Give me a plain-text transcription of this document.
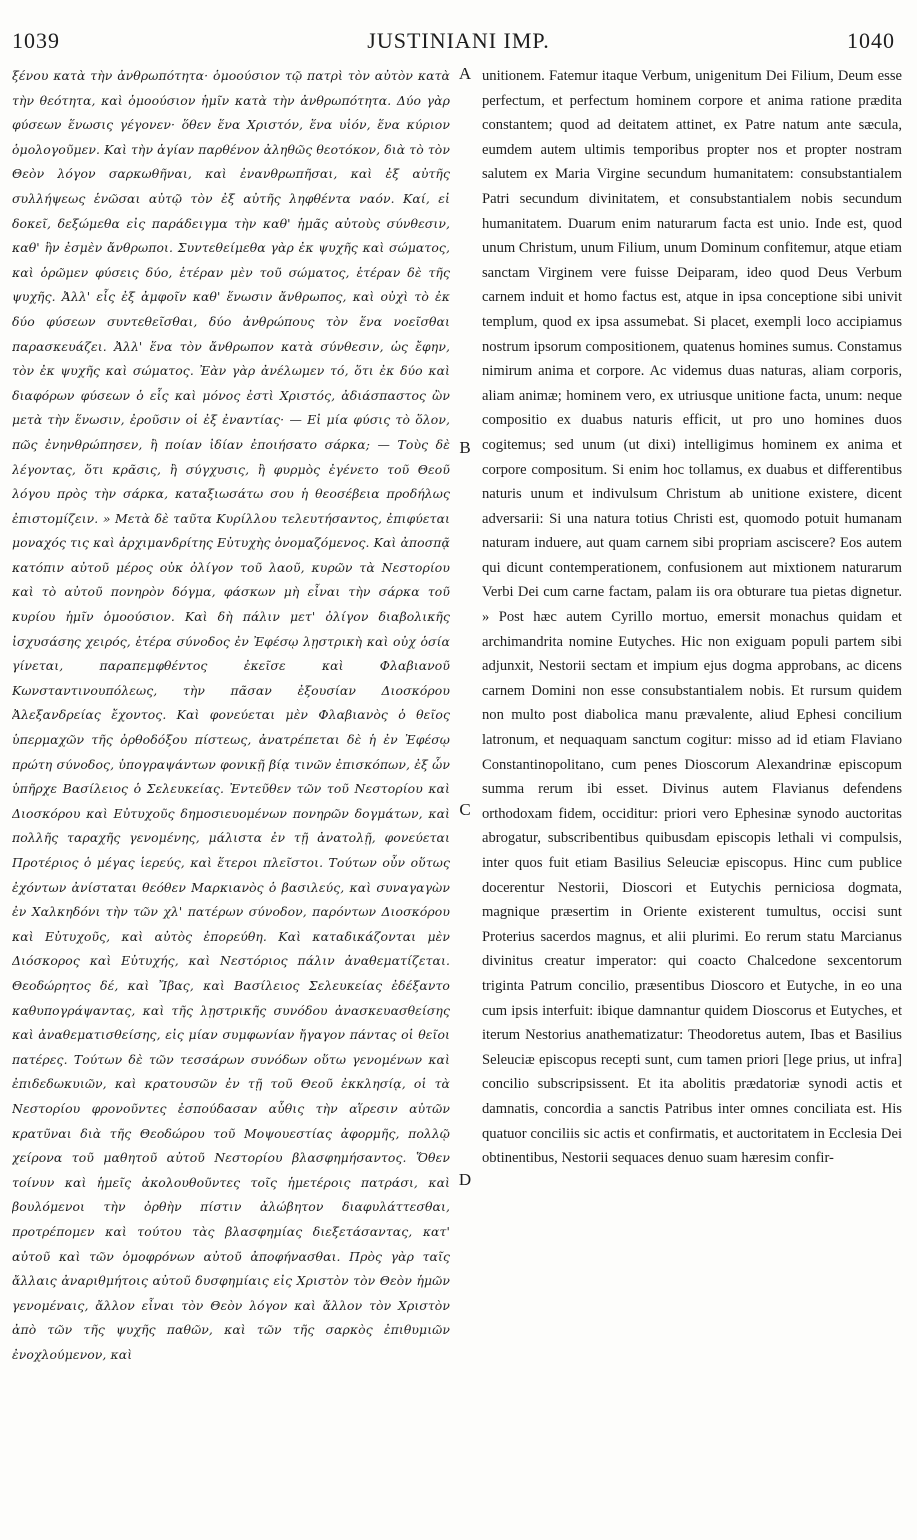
1039	JUSTINIANI IMP.	1040

ξένου κατὰ τὴν ἀνθρωπότητα· ὁμοούσιον τῷ πατρὶ τὸν αὐτὸν κατὰ τὴν θεότητα, καὶ ὁμοούσιον ἡμῖν κατὰ τὴν ἀνθρωπότητα. Δύο γὰρ φύσεων ἕνωσις γέγονεν· ὅθεν ἕνα Χριστόν, ἕνα υἱόν, ἕνα κύριον ὁμολογοῦμεν. Καὶ τὴν ἁγίαν παρθένον ἀληθῶς θεοτόκον, διὰ τὸ τὸν Θεὸν λόγον σαρκωθῆναι, καὶ ἐνανθρωπῆσαι, καὶ ἐξ αὐτῆς συλλήψεως ἑνῶσαι αὐτῷ τὸν ἐξ αὐτῆς ληφθέντα ναόν. Καί, εἰ δοκεῖ, δεξώμεθα εἰς παράδειγμα τὴν καθ' ἡμᾶς αὐτοὺς σύνθεσιν, καθ' ἣν ἐσμὲν ἄνθρωποι. Συντεθείμεθα γὰρ ἐκ ψυχῆς καὶ σώματος, καὶ ὁρῶμεν φύσεις δύο, ἑτέραν μὲν τοῦ σώματος, ἑτέραν δὲ τῆς ψυχῆς. Ἀλλ' εἷς ἐξ ἀμφοῖν καθ' ἕνωσιν ἄνθρωπος, καὶ οὐχὶ τὸ ἐκ δύο φύσεων συντεθεῖσθαι, δύο ἀνθρώπους τὸν ἕνα νοεῖσθαι παρασκευάζει. Ἀλλ' ἕνα τὸν ἄνθρωπον κατὰ σύνθεσιν, ὡς ἔφην, τὸν ἐκ ψυχῆς καὶ σώματος. Ἐὰν γὰρ ἀνέλωμεν τό, ὅτι ἐκ δύο καὶ διαφόρων φύσεων ὁ εἷς καὶ μόνος ἐστὶ Χριστός, ἀδιάσπαστος ὢν μετὰ τὴν ἕνωσιν, ἐροῦσιν οἱ ἐξ ἐναντίας· — Εἰ μία φύσις τὸ ὅλον, πῶς ἐνηνθρώπησεν, ἢ ποίαν ἰδίαν ἐποιήσατο σάρκα; — Τοὺς δὲ λέγοντας, ὅτι κρᾶσις, ἢ σύγχυσις, ἢ φυρμὸς ἐγένετο τοῦ Θεοῦ λόγου πρὸς τὴν σάρκα, καταξιωσάτω σου ἡ θεοσέβεια προδήλως ἐπιστομίζειν. » Μετὰ δὲ ταῦτα Κυρίλλου τελευτήσαντος, ἐπιφύεται μοναχός τις καὶ ἀρχιμανδρίτης Εὐτυχὴς ὀνομαζόμενος. Καὶ ἀποσπᾷ κατόπιν αὐτοῦ μέρος οὐκ ὀλίγον τοῦ λαοῦ, κυρῶν τὰ Νεστορίου καὶ τὸ αὐτοῦ πονηρὸν δόγμα, φάσκων μὴ εἶναι τὴν σάρκα τοῦ κυρίου ἡμῖν ὁμοούσιον. Καὶ δὴ πάλιν μετ' ὀλίγον διαβολικῆς ἰσχυσάσης χειρός, ἑτέρα σύνοδος ἐν Ἐφέσῳ λῃστρικὴ καὶ οὐχ ὁσία γίνεται, παραπεμφθέντος ἐκεῖσε καὶ Φλαβιανοῦ Κωνσταντινουπόλεως, τὴν πᾶσαν ἐξουσίαν Διοσκόρου Ἀλεξανδρείας ἔχοντος. Καὶ φονεύεται μὲν Φλαβιανὸς ὁ θεῖος ὑπερμαχῶν τῆς ὀρθοδόξου πίστεως, ἀνατρέπεται δὲ ἡ ἐν Ἐφέσῳ πρώτη σύνοδος, ὑπογραψάντων φονικῇ βίᾳ τινῶν ἐπισκόπων, ἐξ ὧν ὑπῆρχε Βασίλειος ὁ Σελευκείας. Ἐντεῦθεν τῶν τοῦ Νεστορίου καὶ Διοσκόρου καὶ Εὐτυχοῦς δημοσιευομένων πονηρῶν δογμάτων, καὶ πολλῆς ταραχῆς γενομένης, μάλιστα ἐν τῇ ἀνατολῇ, φονεύεται Προτέριος ὁ μέγας ἱερεύς, καὶ ἕτεροι πλεῖστοι. Τούτων οὖν οὕτως ἐχόντων ἀνίσταται θεόθεν Μαρκιανὸς ὁ βασιλεύς, καὶ συναγαγὼν ἐν Χαλκηδόνι τὴν τῶν χλ' πατέρων σύνοδον, παρόντων Διοσκόρου καὶ Εὐτυχοῦς, καὶ αὐτὸς ἐπορεύθη. Καὶ καταδικάζονται μὲν Διόσκορος καὶ Εὐτυχής, καὶ Νεστόριος πάλιν ἀναθεματίζεται. Θεοδώρητος δέ, καὶ Ἴβας, καὶ Βασίλειος Σελευκείας ἐδέξαντο καθυπογράψαντας, καὶ τῆς λῃστρικῆς συνόδου ἀνασκευασθείσης καὶ ἀναθεματισθείσης, εἰς μίαν συμφωνίαν ἤγαγον πάντας οἱ θεῖοι πατέρες. Τούτων δὲ τῶν τεσσάρων συνόδων οὕτω γενομένων καὶ ἐπιδεδωκυιῶν, καὶ κρατουσῶν ἐν τῇ τοῦ Θεοῦ ἐκκλησίᾳ, οἱ τὰ Νεστορίου φρονοῦντες ἐσπούδασαν αὖθις τὴν αἵρεσιν αὐτῶν κρατῦναι διὰ τῆς Θεοδώρου τοῦ Μοψουεστίας ἀφορμῆς, πολλῷ χείρονα τοῦ μαθητοῦ αὐτοῦ Νεστορίου βλασφημήσαντος. Ὅθεν τοίνυν καὶ ἡμεῖς ἀκολουθοῦντες τοῖς ἡμετέροις πατράσι, καὶ βουλόμενοι τὴν ὀρθὴν πίστιν ἀλώβητον διαφυλάττεσθαι, προτρέπομεν καὶ τούτου τὰς βλασφημίας διεξετάσαντας, κατ' αὐτοῦ καὶ τῶν ὁμοφρόνων αὐτοῦ ἀποφήνασθαι. Πρὸς γὰρ ταῖς ἄλλαις ἀναριθμήτοις αὐτοῦ δυσφημίαις εἰς Χριστὸν τὸν Θεὸν ἡμῶν γενομέναις, ἄλλον εἶναι τὸν Θεὸν λόγον καὶ ἄλλον τὸν Χριστὸν ἀπὸ τῶν τῆς ψυχῆς παθῶν, καὶ τῶν τῆς σαρκὸς ἐπιθυμιῶν ἐνοχλούμενον, καὶ

A
B
C
D

unitionem. Fatemur itaque Verbum, unigenitum Dei Filium, Deum esse perfectum, et perfectum hominem corpore et anima ratione prædita constantem; quod ad deitatem attinet, ex Patre natum ante sæcula, eumdem autem ultimis temporibus propter nos et propter nostram salutem ex Maria Virgine secundum humanitatem: consubstantialem Patri secundum divinitatem, et consubstantialem nobis secundum humanitatem. Duarum enim naturarum facta est unio. Inde est, quod unum Christum, unum Filium, unum Dominum confitemur, atque etiam sanctam Virginem vere fuisse Deiparam, ideo quod Deus Verbum carnem induit et homo factus est, atque in ipsa conceptione sibi univit templum, quod ex ipsa assumebat. Si placet, exempli loco accipiamus nostrum ipsorum compositionem, quatenus homines sumus. Constamus nimirum anima et corpore. Ac videmus duas naturas, aliam corporis, aliam animæ; hominem vero, ex utriusque unitione facta, unum: neque compositio ex duabus naturis efficit, ut pro uno homines duos cogitemus; sed unum (ut dixi) intelligimus hominem ex anima et corpore compositum. Si enim hoc tollamus, ex duabus et differentibus naturis unum et indivulsum Christum ab unitione existere, dicent adversarii: Si una natura totius Christi est, quomodo potuit humanam naturam induere, aut quam carnem sibi propriam asciscere? Eos autem qui dicunt contemperationem, confusionem aut mixtionem naturarum Verbi Dei cum carne factam, palam iis ora obturare tua pietas dignetur. » Post hæc autem Cyrillo mortuo, emersit monachus quidam et archimandrita nomine Eutyches. Hic non exiguam populi partem sibi adjunxit, Nestorii sectam et impium ejus dogma approbans, ac dicens carnem Domini non esse consubstantialem nobis. Et rursum quidem non multo post diabolica manu prævalente, aliud Ephesi concilium latronum, et nequaquam sanctum cogitur: misso ad id etiam Flaviano Constantinopolitano, cum penes Dioscorum Alexandrinæ episcopum summa rerum ibi esset. Divinus autem Flavianus defendens orthodoxam fidem, occiditur: priori vero Ephesinæ synodo auctoritas abrogatur, subscribentibus quibusdam episcopis lethali vi compulsis, inter quos fuit etiam Basilius Seleuciæ episcopus. Hinc cum publice docerentur Nestorii, Dioscori et Eutychis perniciosa dogmata, magnique præsertim in Oriente existerent tumultus, occisi sunt Proterius sacerdos magnus, et alii plurimi. Eo rerum statu Marcianus divinitus creatur imperator: qui coacto Chalcedone sexcentorum triginta Patrum concilio, præsentibus Dioscoro et Eutyche, in eo una cum ipsis interfuit: ibique damnantur quidem Dioscorus et Eutyches, et iterum Nestorius anathematizatur: Theodoretus autem, Ibas et Basilius Seleuciæ episcopus recepti sunt, cum tamen priori [lege prius, ut infra] concilio subscripsissent. Et ita abolitis prædatoriæ synodi actis et damnatis, concordia a sanctis Patribus inter omnes conciliata est. His quatuor conciliis sic actis et confirmatis, et auctoritatem in Ecclesia Dei obtinentibus, Nestorii sequaces denuo suam hæresim confir-
